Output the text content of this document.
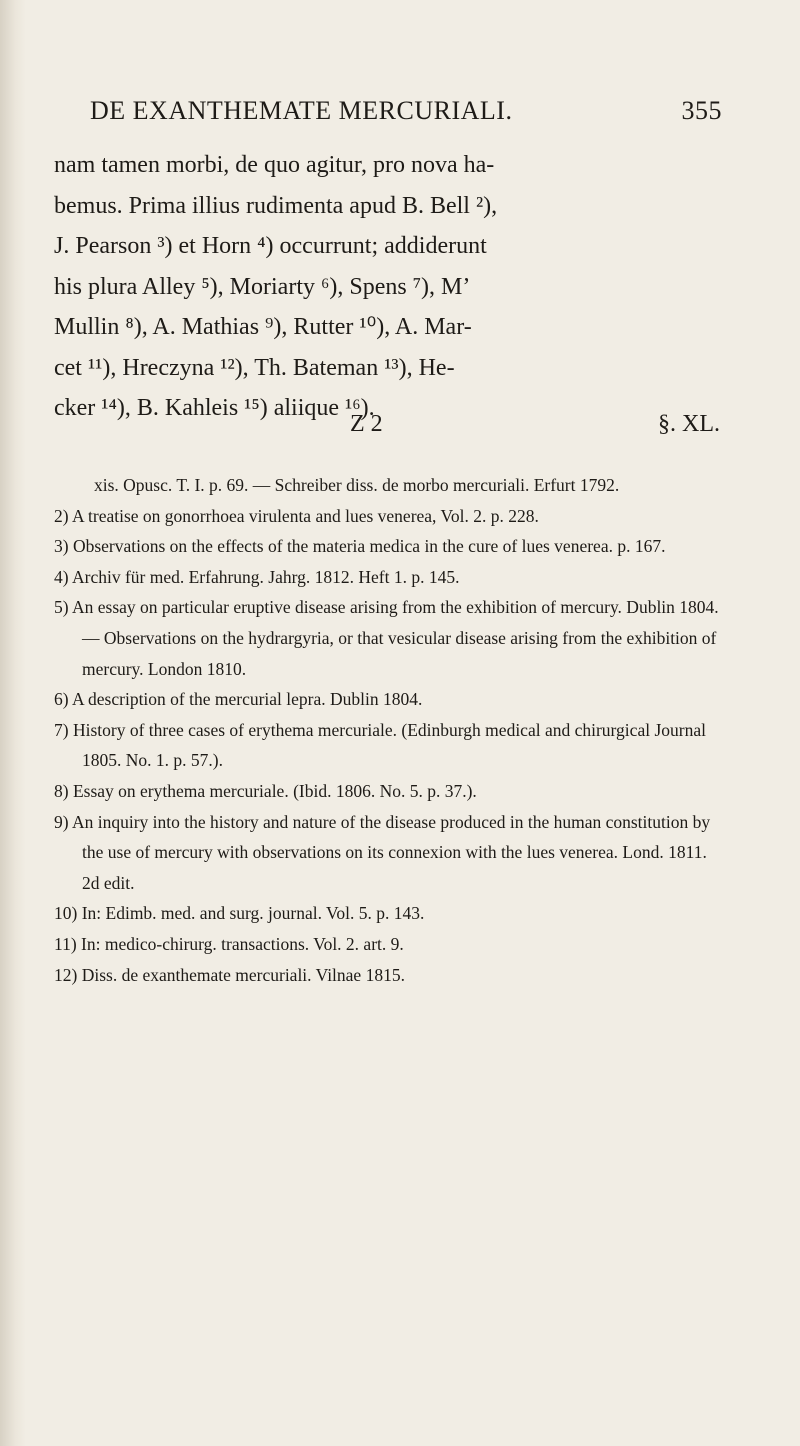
DE EXANTHEMATE MERCURIALI.	355
nam tamen morbi, de quo agitur, pro nova ha-
bemus. Prima illius rudimenta apud B. Bell ²),
J. Pearson ³) et Horn ⁴) occurrunt; addiderunt
his plura Alley ⁵), Moriarty ⁶), Spens ⁷), M’
Mullin ⁸), A. Mathias ⁹), Rutter ¹⁰), A. Mar-
cet ¹¹), Hreczyna ¹²), Th. Bateman ¹³), He-
cker ¹⁴), B. Kahleis ¹⁵) aliique ¹⁶).
Z 2	§. XL.
xis. Opusc. T. I. p. 69. — Schreiber diss. de morbo mercuriali. Erfurt 1792.
2) A treatise on gonorrhoea virulenta and lues venerea, Vol. 2. p. 228.
3) Observations on the effects of the materia medica in the cure of lues venerea. p. 167.
4) Archiv für med. Erfahrung. Jahrg. 1812. Heft 1. p. 145.
5) An essay on particular eruptive disease arising from the exhibition of mercury. Dublin 1804. — Observations on the hydrargyria, or that vesicular disease arising from the exhibition of mercury. London 1810.
6) A description of the mercurial lepra. Dublin 1804.
7) History of three cases of erythema mercuriale. (Edinburgh medical and chirurgical Journal 1805. No. 1. p. 57.).
8) Essay on erythema mercuriale. (Ibid. 1806. No. 5. p. 37.).
9) An inquiry into the history and nature of the disease produced in the human constitution by the use of mercury with observations on its connexion with the lues venerea. Lond. 1811. 2d edit.
10) In: Edimb. med. and surg. journal. Vol. 5. p. 143.
11) In: medico-chirurg. transactions. Vol. 2. art. 9.
12) Diss. de exanthemate mercuriali. Vilnae 1815.
